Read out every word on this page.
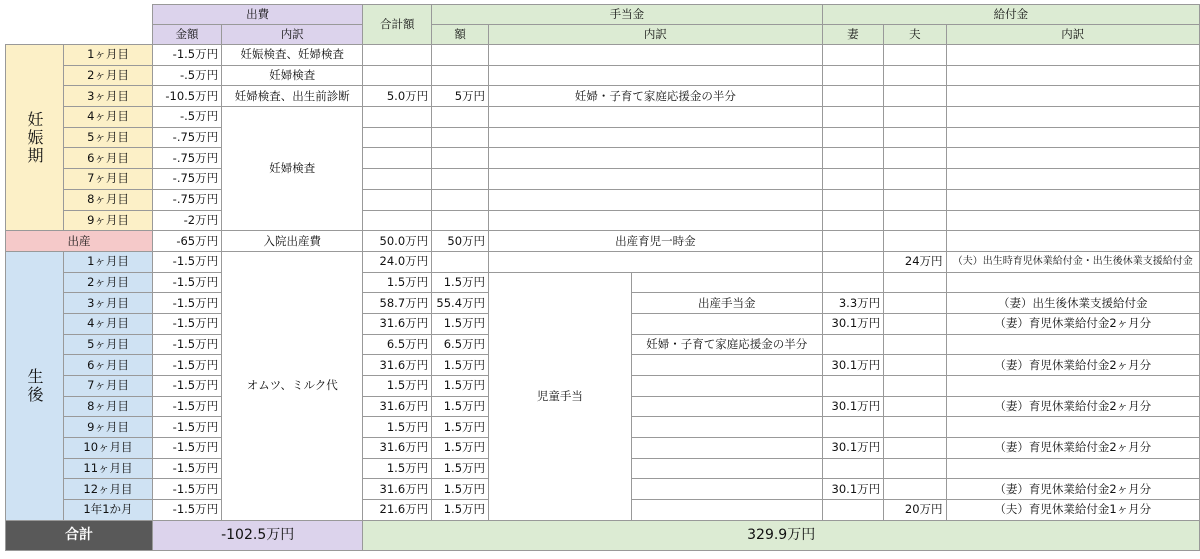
		出費		合計額	手当金			給付金		
		金額	内訳		額	内訳		妻	夫	内訳
妊娠期	1ヶ月目	-1.5万円	妊娠検査、妊婦検査							
	2ヶ月目	-.5万円	妊婦検査							
	3ヶ月目	-10.5万円	妊婦検査、出生前診断	5.0万円	5万円	妊婦・子育て家庭応援金の半分				
	4ヶ月目	-.5万円	妊婦検査							
	5ヶ月目	-.75万円								
	6ヶ月目	-.75万円								
	7ヶ月目	-.75万円								
	8ヶ月目	-.75万円								
	9ヶ月目	-2万円								
出産		-65万円	入院出産費	50.0万円	50万円	出産育児一時金				
生後	1ヶ月目	-1.5万円	オムツ、ミルク代	24.0万円					24万円	（夫）出生時育児休業給付金・出生後休業支援給付金
	2ヶ月目	-1.5万円		1.5万円	1.5万円	児童手当				
	3ヶ月目	-1.5万円		58.7万円	55.4万円		出産手当金	3.3万円		（妻）出生後休業支援給付金
	4ヶ月目	-1.5万円		31.6万円	1.5万円			30.1万円		（妻）育児休業給付金2ヶ月分
	5ヶ月目	-1.5万円		6.5万円	6.5万円		妊婦・子育て家庭応援金の半分			
	6ヶ月目	-1.5万円		31.6万円	1.5万円			30.1万円		（妻）育児休業給付金2ヶ月分
	7ヶ月目	-1.5万円		1.5万円	1.5万円					
	8ヶ月目	-1.5万円		31.6万円	1.5万円			30.1万円		（妻）育児休業給付金2ヶ月分
	9ヶ月目	-1.5万円		1.5万円	1.5万円					
	10ヶ月目	-1.5万円		31.6万円	1.5万円			30.1万円		（妻）育児休業給付金2ヶ月分
	11ヶ月目	-1.5万円		1.5万円	1.5万円					
	12ヶ月目	-1.5万円		31.6万円	1.5万円			30.1万円		（妻）育児休業給付金2ヶ月分
	1年1か月	-1.5万円		21.6万円	1.5万円				20万円	（夫）育児休業給付金1ヶ月分
合計		-102.5万円		329.9万円						
